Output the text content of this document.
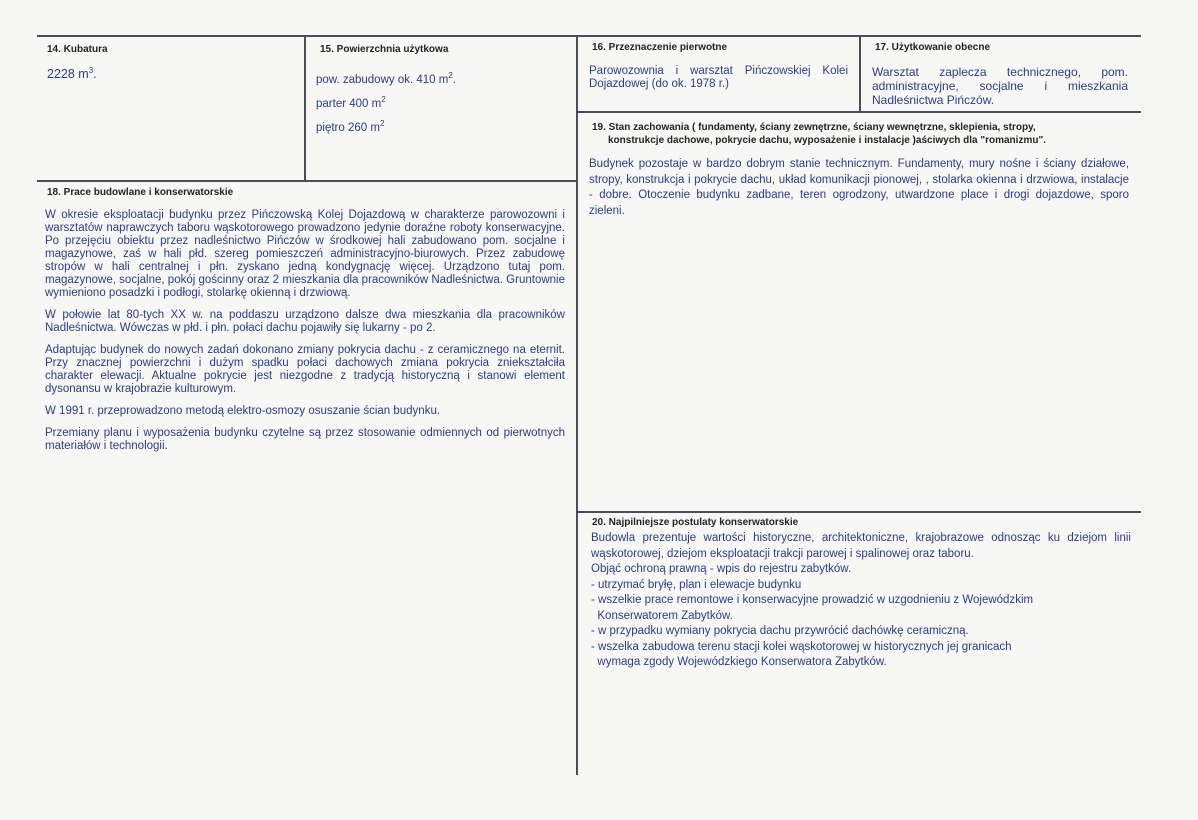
14. Kubatura
2228 $m^3$.
15. Powierzchnia użytkowa
pow. zabudowy ok. 410 $m^2$.
parter 400 $m^2$
piętro 260 $m^2$
16. Przeznaczenie pierwotne
Parowozownia i warsztat Pińczowskiej Kolei Dojazdowej (do ok. 1978 r.)
17. Użytkowanie obecne
Warsztat zaplecza technicznego, pom. administracyjne, socjalne i mieszkania Nadleśnictwa Pińczów.
19. Stan zachowania ( fundamenty, ściany zewnętrzne, ściany wewnętrzne, sklepienia, stropy,
konstrukcje dachowe, pokrycie dachu, wyposażenie i instalacje )aściwych dla "romanizmu".
Budynek pozostaje w bardzo dobrym stanie technicznym. Fundamenty, mury nośne i ściany działowe, stropy, konstrukcja i pokrycie dachu, układ komunikacji pionowej, , stolarka okienna i drzwiowa, instalacje - dobre. Otoczenie budynku zadbane, teren ogrodzony, utwardzone place i drogi dojazdowe, sporo zieleni.
18. Prace budowlane i konserwatorskie

W okresie eksploatacji budynku przez Pińczowską Kolej Dojazdową w charakterze parowozowni i warsztatów naprawczych taboru wąskotorowego prowadzono jedynie doraźne roboty konserwacyjne. Po przejęciu obiektu przez nadleśnictwo Pińczów w środkowej hali zabudowano pom. socjalne i magazynowe, zaś w hali płd. szereg pomieszczeń administracyjno-biurowych. Przez zabudowę stropów w hali centralnej i płn. zyskano jedną kondygnację więcej. Urządzono tutaj pom. magazynowe, socjalne, pokój gościnny oraz 2 mieszkania dla pracowników Nadleśnictwa. Gruntownie wymieniono posadzki i podłogi, stolarkę okienną i drzwiową.

W połowie lat 80-tych XX w. na poddaszu urządzono dalsze dwa mieszkania dla pracowników Nadleśnictwa. Wówczas w płd. i płn. połaci dachu pojawiły się lukarny - po 2.

Adaptując budynek do nowych zadań dokonano zmiany pokrycia dachu - z ceramicznego na eternit. Przy znacznej powierzchni i dużym spadku połaci dachowych zmiana pokrycia zniekształciła charakter elewacji. Aktualne pokrycie jest niezgodne z tradycją historyczną i stanowi element dysonansu w krajobrazie kulturowym.

W 1991 r. przeprowadzono metodą elektro-osmozy osuszanie ścian budynku.

Przemiany planu i wyposażenia budynku czytelne są przez stosowanie odmiennych od pierwotnych materiałów i technologii.

20. Najpilniejsze postulaty konserwatorskie
Budowla prezentuje wartości historyczne, architektoniczne, krajobrazowe odnosząc ku dziejom linii wąskotorowej, dziejom eksploatacji trakcji parowej i spalinowej oraz taboru.
Objąć ochroną prawną - wpis do rejestru zabytków.
- utrzymać bryłę, plan i elewacje budynku
- wszelkie prace remontowe i konserwacyjne prowadzić w uzgodnieniu z Wojewódzkim
Konserwatorem Zabytków.
- w przypadku wymiany pokrycia dachu przywrócić dachówkę ceramiczną.
- wszelka zabudowa terenu stacji kolei wąskotorowej w historycznych jej granicach
wymaga zgody Wojewódzkiego Konserwatora Zabytków.
